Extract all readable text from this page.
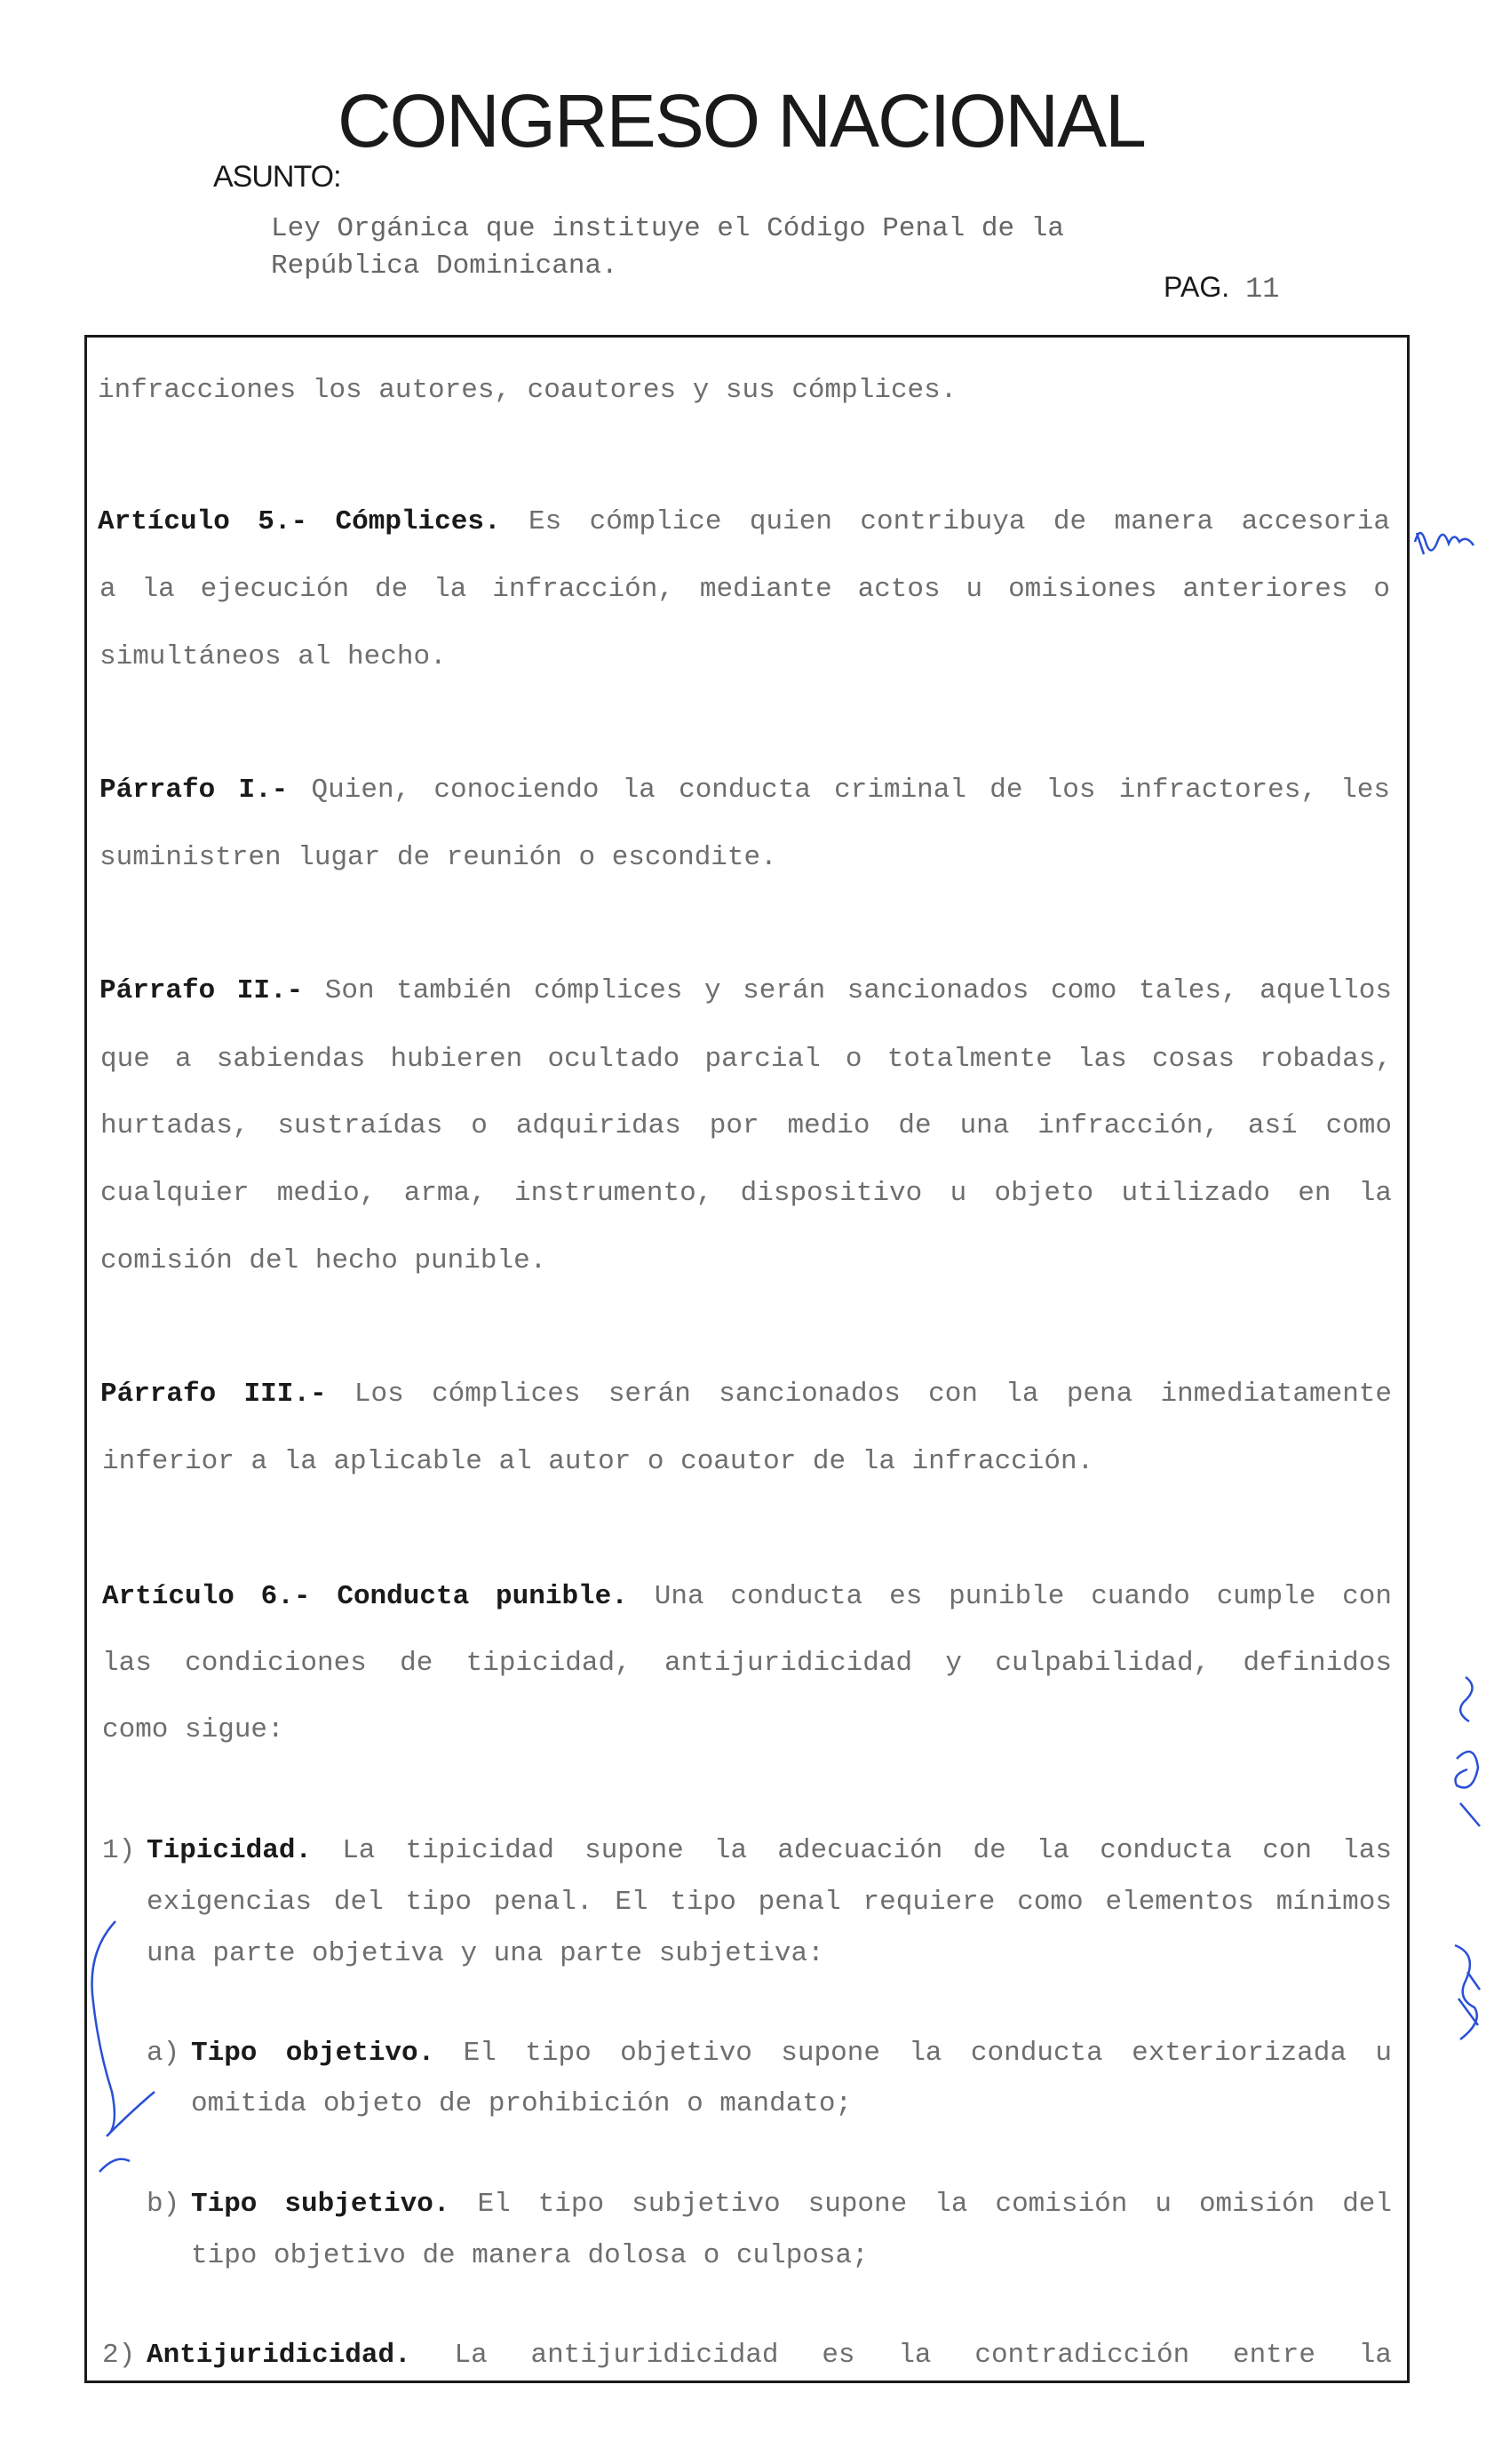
CONGRESO NACIONAL
ASUNTO:
Ley Orgánica que instituye el Código Penal de la
República Dominicana.
PAG. 11
infracciones los autores, coautores y sus cómplices.
Artículo 5.- Cómplices. Es cómplice quien contribuya de manera accesoria
a la ejecución de la infracción, mediante actos u omisiones anteriores o
simultáneos al hecho.
Párrafo I.- Quien, conociendo la conducta criminal de los infractores, les
suministren lugar de reunión o escondite.
Párrafo II.- Son también cómplices y serán sancionados como tales, aquellos
que a sabiendas hubieren ocultado parcial o totalmente las cosas robadas,
hurtadas, sustraídas o adquiridas por medio de una infracción, así como
cualquier medio, arma, instrumento, dispositivo u objeto utilizado en la
comisión del hecho punible.
Párrafo III.- Los cómplices serán sancionados con la pena inmediatamente
inferior a la aplicable al autor o coautor de la infracción.
Artículo 6.- Conducta punible. Una conducta es punible cuando cumple con
las condiciones de tipicidad, antijuridicidad y culpabilidad, definidos
como sigue:
1) Tipicidad. La tipicidad supone la adecuación de la conducta con las
exigencias del tipo penal. El tipo penal requiere como elementos mínimos
una parte objetiva y una parte subjetiva:
a) Tipo objetivo. El tipo objetivo supone la conducta exteriorizada u
omitida objeto de prohibición o mandato;
b) Tipo subjetivo. El tipo subjetivo supone la comisión u omisión del
tipo objetivo de manera dolosa o culposa;
2) Antijuridicidad. La antijuridicidad es la contradicción entre la
